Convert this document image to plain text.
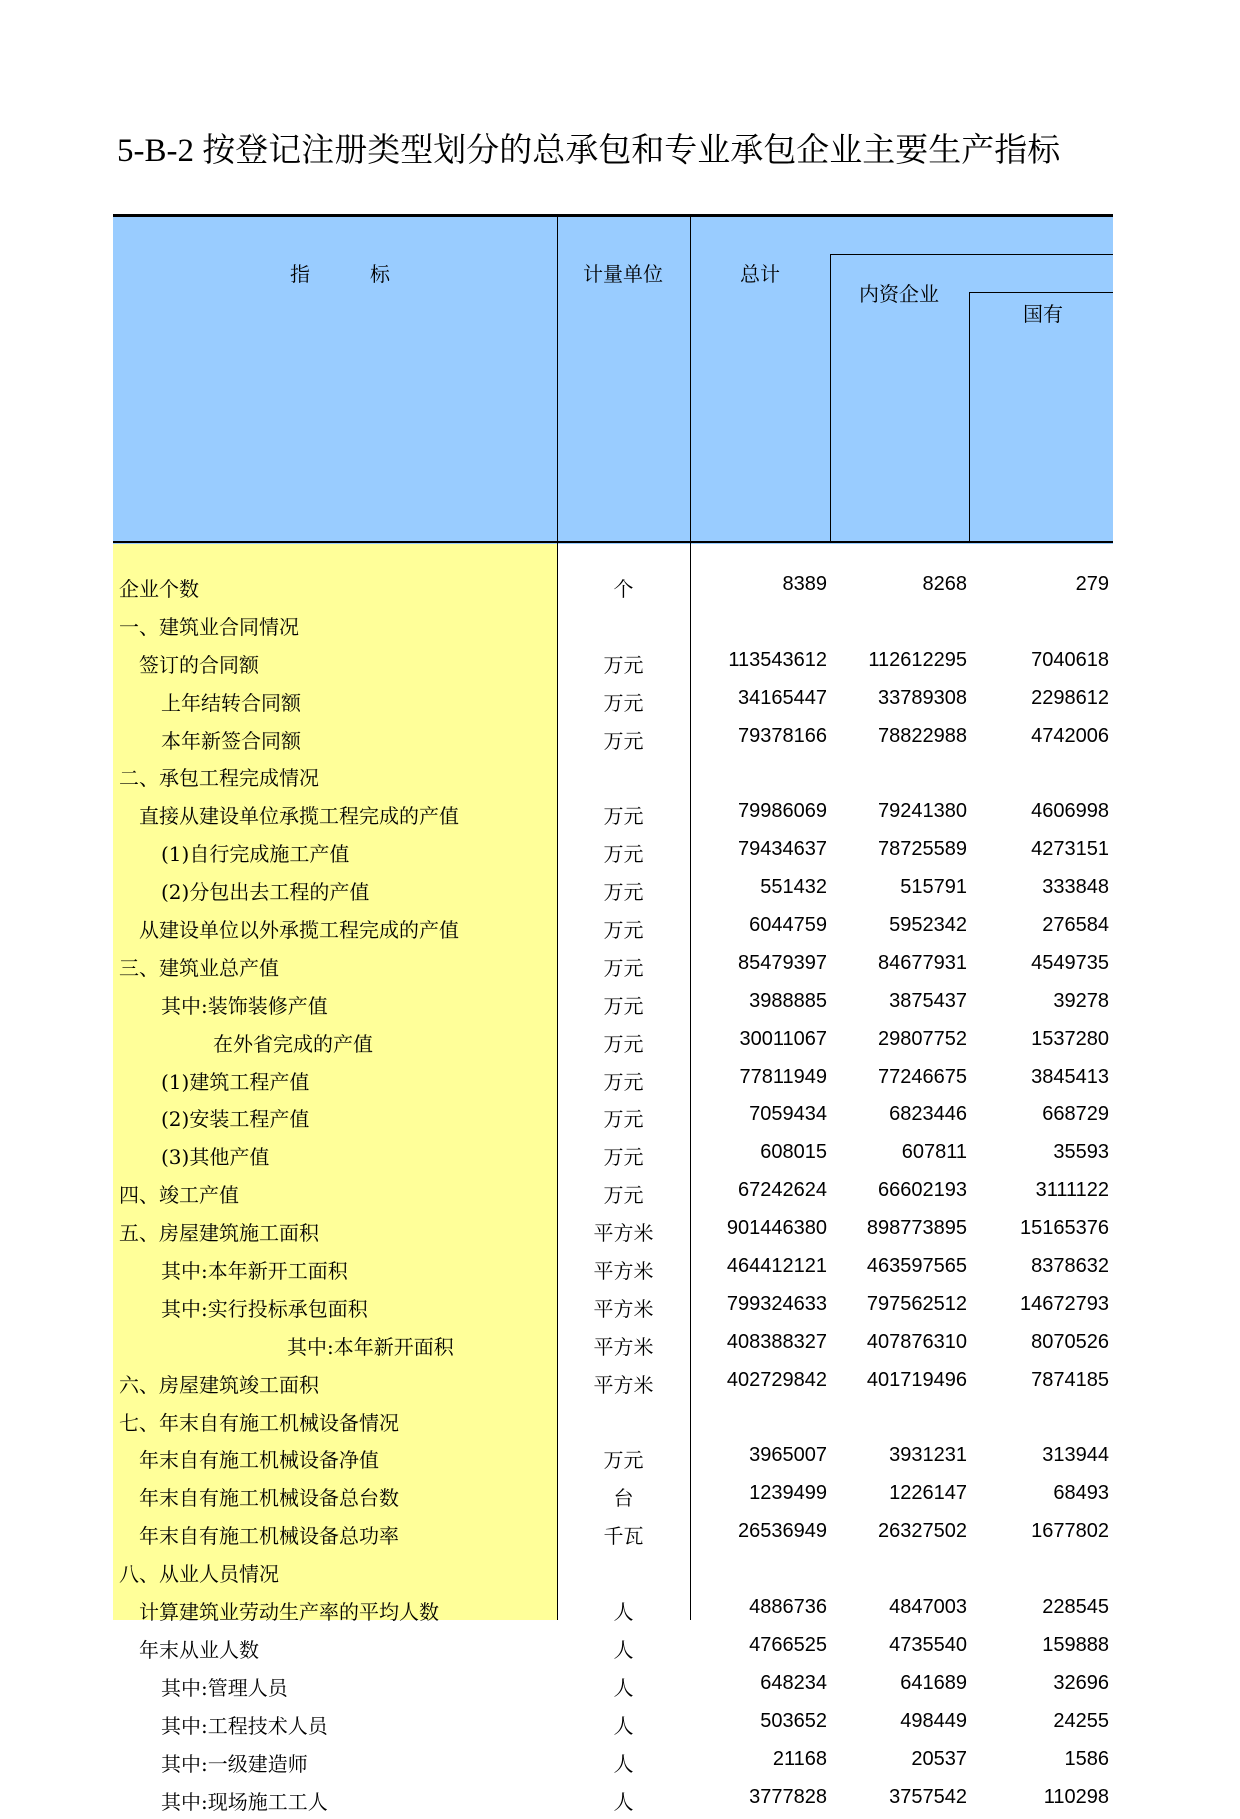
5-B-2 按登记注册类型划分的总承包和专业承包企业主要生产指标
指　　　标	计量单位	总计
内资企业
国有
企业个数	个	8389	8268	279
一、建筑业合同情况
签订的合同额	万元	113543612	112612295	7040618
上年结转合同额	万元	34165447	33789308	2298612
本年新签合同额	万元	79378166	78822988	4742006
二、承包工程完成情况
直接从建设单位承揽工程完成的产值	万元	79986069	79241380	4606998
(1)自行完成施工产值	万元	79434637	78725589	4273151
(2)分包出去工程的产值	万元	551432	515791	333848
从建设单位以外承揽工程完成的产值	万元	6044759	5952342	276584
三、建筑业总产值	万元	85479397	84677931	4549735
其中:装饰装修产值	万元	3988885	3875437	39278
在外省完成的产值	万元	30011067	29807752	1537280
(1)建筑工程产值	万元	77811949	77246675	3845413
(2)安装工程产值	万元	7059434	6823446	668729
(3)其他产值	万元	608015	607811	35593
四、竣工产值	万元	67242624	66602193	3111122
五、房屋建筑施工面积	平方米	901446380	898773895	15165376
其中:本年新开工面积	平方米	464412121	463597565	8378632
其中:实行投标承包面积	平方米	799324633	797562512	14672793
其中:本年新开面积	平方米	408388327	407876310	8070526
六、房屋建筑竣工面积	平方米	402729842	401719496	7874185
七、年末自有施工机械设备情况
年末自有施工机械设备净值	万元	3965007	3931231	313944
年末自有施工机械设备总台数	台	1239499	1226147	68493
年末自有施工机械设备总功率	千瓦	26536949	26327502	1677802
八、从业人员情况
计算建筑业劳动生产率的平均人数	人	4886736	4847003	228545
年末从业人数	人	4766525	4735540	159888
其中:管理人员	人	648234	641689	32696
其中:工程技术人员	人	503652	498449	24255
其中:一级建造师	人	21168	20537	1586
其中:现场施工工人	人	3777828	3757542	110298
